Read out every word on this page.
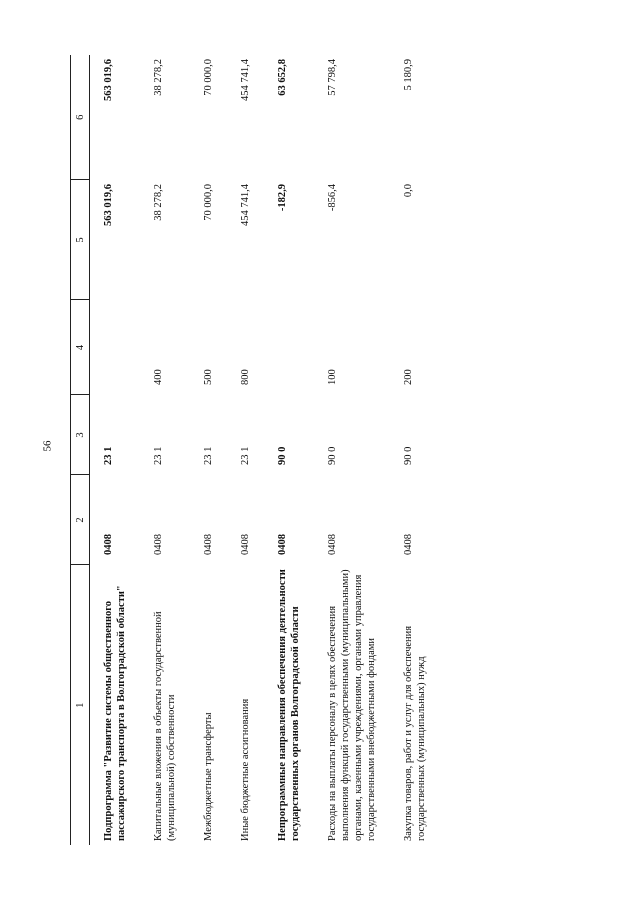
56
1	2	3	4	5	6
Подпрограмма "Развитие системы общественного пассажирского транспорта в Волгоградской области"	0408	23 1		563 019,6	563 019,6
Капитальные вложения в объекты государственной (муниципальной) собственности	0408	23 1	400	38 278,2	38 278,2
Межбюджетные трансферты	0408	23 1	500	70 000,0	70 000,0
Иные бюджетные ассигнования	0408	23 1	800	454 741,4	454 741,4
Непрограммные направления обеспечения деятельности государственных органов Волгоградской области	0408	90 0		-182,9	63 652,8
Расходы на выплаты персоналу в целях обеспечения выполнения функций государственными (муниципальными) органами, казенными учреждениями, органами управления государственными внебюджетными фондами	0408	90 0	100	-856,4	57 798,4
Закупка товаров, работ и услуг для обеспечения государственных (муниципальных) нужд	0408	90 0	200	0,0	5 180,9
